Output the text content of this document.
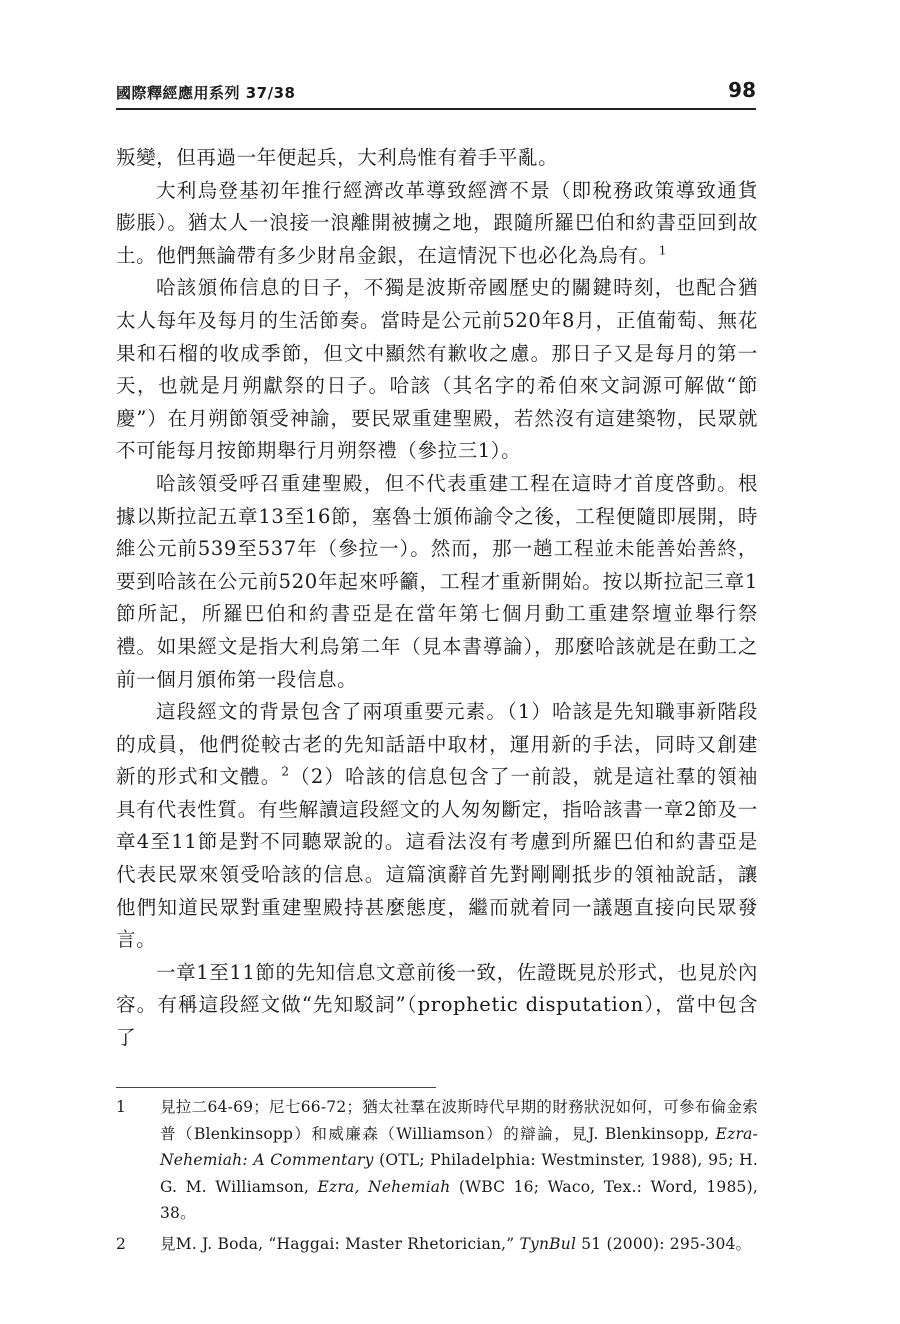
國際釋經應用系列 37/38	98

叛變，但再過一年便起兵，大利烏惟有着手平亂。

大利烏登基初年推行經濟改革導致經濟不景（即稅務政策導致通貨膨脹）。猶太人一浪接一浪離開被擄之地，跟隨所羅巴伯和約書亞回到故土。他們無論帶有多少財帛金銀，在這情況下也必化為烏有。$^1$

哈該頒佈信息的日子，不獨是波斯帝國歷史的關鍵時刻，也配合猶太人每年及每月的生活節奏。當時是公元前520年8月，正值葡萄、無花果和石榴的收成季節，但文中顯然有歉收之慮。那日子又是每月的第一天，也就是月朔獻祭的日子。哈該（其名字的希伯來文詞源可解做“節慶”）在月朔節領受神諭，要民眾重建聖殿，若然沒有這建築物，民眾就不可能每月按節期舉行月朔祭禮（參拉三1）。

哈該領受呼召重建聖殿，但不代表重建工程在這時才首度啓動。根據以斯拉記五章13至16節，塞魯士頒佈諭令之後，工程便隨即展開，時維公元前539至537年（參拉一）。然而，那一趟工程並未能善始善終，要到哈該在公元前520年起來呼籲，工程才重新開始。按以斯拉記三章1節所記，所羅巴伯和約書亞是在當年第七個月動工重建祭壇並舉行祭禮。如果經文是指大利烏第二年（見本書導論），那麼哈該就是在動工之前一個月頒佈第一段信息。

這段經文的背景包含了兩項重要元素。（1）哈該是先知職事新階段的成員，他們從較古老的先知話語中取材，運用新的手法，同時又創建新的形式和文體。$^2$（2）哈該的信息包含了一前設，就是這社羣的領袖具有代表性質。有些解讀這段經文的人匆匆斷定，指哈該書一章2節及一章4至11節是對不同聽眾說的。這看法沒有考慮到所羅巴伯和約書亞是代表民眾來領受哈該的信息。這篇演辭首先對剛剛抵步的領袖說話，讓他們知道民眾對重建聖殿持甚麼態度，繼而就着同一議題直接向民眾發言。

一章1至11節的先知信息文意前後一致，佐證既見於形式，也見於內容。有稱這段經文做“先知駁詞”（prophetic disputation），當中包含了

1 見拉二64-69；尼七66-72；猶太社羣在波斯時代早期的財務狀況如何，可參布倫金索普（Blenkinsopp）和威廉森（Williamson）的辯論，見J. Blenkinsopp, Ezra-Nehemiah: A Commentary (OTL; Philadelphia: Westminster, 1988), 95; H. G. M. Williamson, Ezra, Nehemiah (WBC 16; Waco, Tex.: Word, 1985), 38。

2 見M. J. Boda, “Haggai: Master Rhetorician,” TynBul 51 (2000): 295-304。
